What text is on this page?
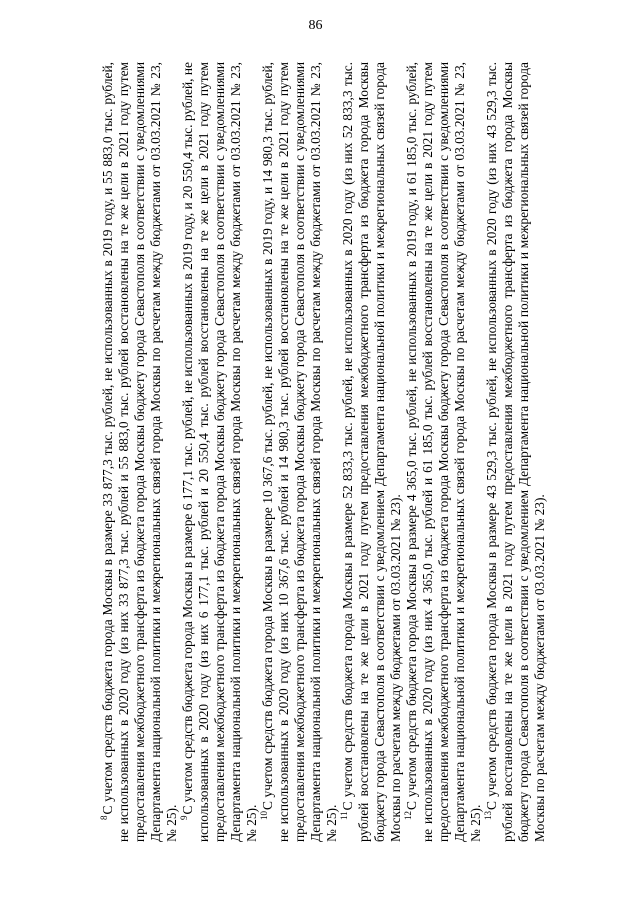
86

$^8$С учетом средств бюджета города Москвы в размере 33 877,3 тыс. рублей, не использованных в 2019 году, и 55 883,0 тыс. рублей, не использованных в 2020 году (из них 33 877,3 тыс. рублей и 55 883,0 тыс. рублей восстановлены на те же цели в 2021 году путем предоставления межбюджетного трансферта из бюджета города Москвы бюджету города Севастополя в соответствии с уведомлениями Департамента национальной политики и межрегиональных связей города Москвы по расчетам между бюджетами от 03.03.2021 № 23, № 25). $^9$С учетом средств бюджета города Москвы в размере 6 177,1 тыс. рублей, не использованных в 2019 году, и 20 550,4 тыс. рублей, не использованных в 2020 году (из них 6 177,1 тыс. рублей и 20 550,4 тыс. рублей восстановлены на те же цели в 2021 году путем предоставления межбюджетного трансферта из бюджета города Москвы бюджету города Севастополя в соответствии с уведомлениями Департамента национальной политики и межрегиональных связей города Москвы по расчетам между бюджетами от 03.03.2021 № 23, № 25). $^{10}$С учетом средств бюджета города Москвы в размере 10 367,6 тыс. рублей, не использованных в 2019 году, и 14 980,3 тыс. рублей, не использованных в 2020 году (из них 10 367,6 тыс. рублей и 14 980,3 тыс. рублей восстановлены на те же цели в 2021 году путем предоставления межбюджетного трансферта из бюджета города Москвы бюджету города Севастополя в соответствии с уведомлениями Департамента национальной политики и межрегиональных связей города Москвы по расчетам между бюджетами от 03.03.2021 № 23, № 25). $^{11}$С учетом средств бюджета города Москвы в размере 52 833,3 тыс. рублей, не использованных в 2020 году (из них 52 833,3 тыс. рублей восстановлены на те же цели в 2021 году путем предоставления межбюджетного трансферта из бюджета города Москвы бюджету города Севастополя в соответствии с уведомлением Департамента национальной политики и межрегиональных связей города Москвы по расчетам между бюджетами от 03.03.2021 № 23). $^{12}$С учетом средств бюджета города Москвы в размере 4 365,0 тыс. рублей, не использованных в 2019 году, и 61 185,0 тыс. рублей, не использованных в 2020 году (из них 4 365,0 тыс. рублей и 61 185,0 тыс. рублей восстановлены на те же цели в 2021 году путем предоставления межбюджетного трансферта из бюджета города Москвы бюджету города Севастополя в соответствии с уведомлениями Департамента национальной политики и межрегиональных связей города Москвы по расчетам между бюджетами от 03.03.2021 № 23, № 25). $^{13}$С учетом средств бюджета города Москвы в размере 43 529,3 тыс. рублей, не использованных в 2020 году (из них 43 529,3 тыс. рублей восстановлены на те же цели в 2021 году путем предоставления межбюджетного трансферта из бюджета города Москвы бюджету города Севастополя в соответствии с уведомлением Департамента национальной политики и межрегиональных связей города Москвы по расчетам между бюджетами от 03.03.2021 № 23).
